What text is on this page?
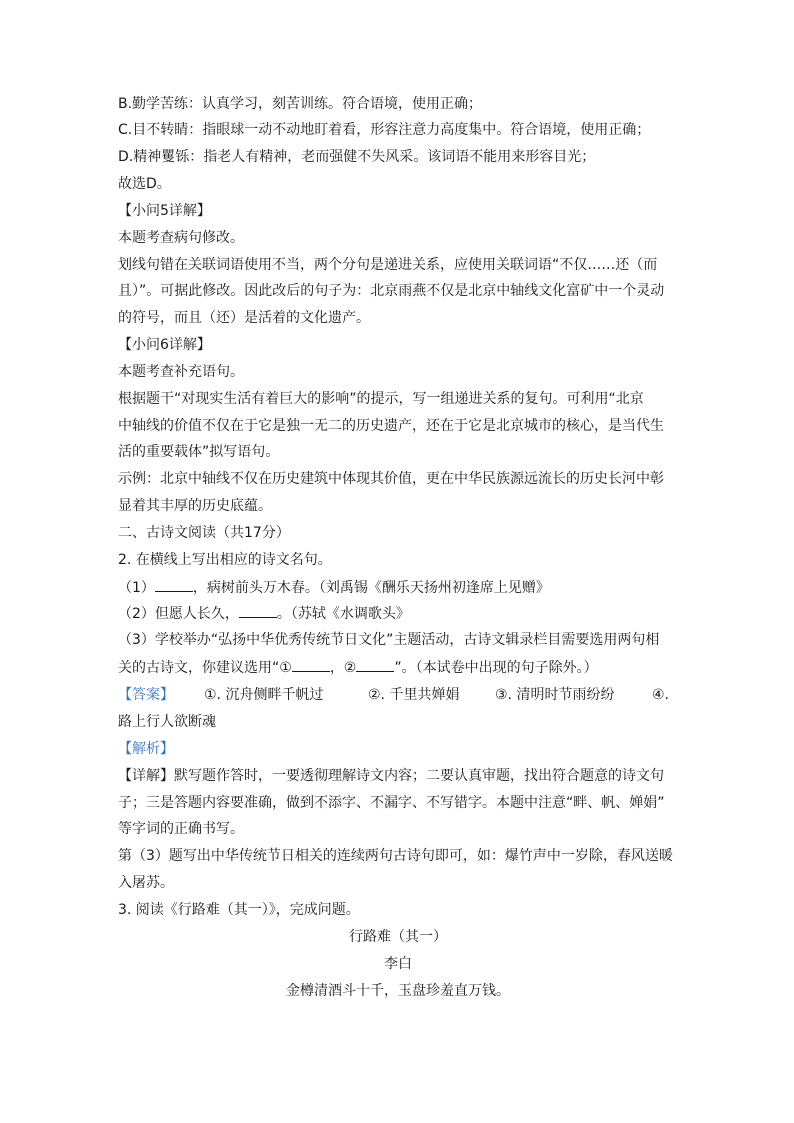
B.勤学苦练：认真学习，刻苦训练。符合语境，使用正确；
C.目不转睛：指眼球一动不动地盯着看，形容注意力高度集中。符合语境，使用正确；
D.精神矍铄：指老人有精神，老而强健不失风采。该词语不能用来形容目光；
故选D。
【小问5详解】
本题考查病句修改。
划线句错在关联词语使用不当，两个分句是递进关系，应使用关联词语“不仅……还（而
且）”。可据此修改。因此改后的句子为：北京雨燕不仅是北京中轴线文化富矿中一个灵动
的符号，而且（还）是活着的文化遗产。
【小问6详解】
本题考查补充语句。
根据题干“对现实生活有着巨大的影响”的提示，写一组递进关系的复句。可利用“北京
中轴线的价值不仅在于它是独一无二的历史遗产，还在于它是北京城市的核心，是当代生
活的重要载体”拟写语句。
示例：北京中轴线不仅在历史建筑中体现其价值，更在中华民族源远流长的历史长河中彰
显着其丰厚的历史底蕴。
二、古诗文阅读（共17分）
2. 在横线上写出相应的诗文名句。
（1）	，病树前头万木春。（刘禹锡《酬乐天扬州初逢席上见赠》
（2）但愿人长久，	。（苏轼《水调歌头》
（3）学校举办“弘扬中华优秀传统节日文化”主题活动，古诗文辑录栏目需要选用两句相
关的古诗文，你建议选用“①	，②	”。（本试卷中出现的句子除外。）
【答案】 ①. 沉舟侧畔千帆过	②. 千里共婵娟	③. 清明时节雨纷纷	④.
路上行人欲断魂
【解析】
【详解】默写题作答时，一要透彻理解诗文内容；二要认真审题，找出符合题意的诗文句
子；三是答题内容要准确，做到不添字、不漏字、不写错字。本题中注意“畔、帆、婵娟”
等字词的正确书写。
第（3）题写出中华传统节日相关的连续两句古诗句即可，如：爆竹声中一岁除，春风送暖
入屠苏。
3. 阅读《行路难（其一）》，完成问题。
行路难（其一）
李白
金樽清酒斗十千，玉盘珍羞直万钱。
